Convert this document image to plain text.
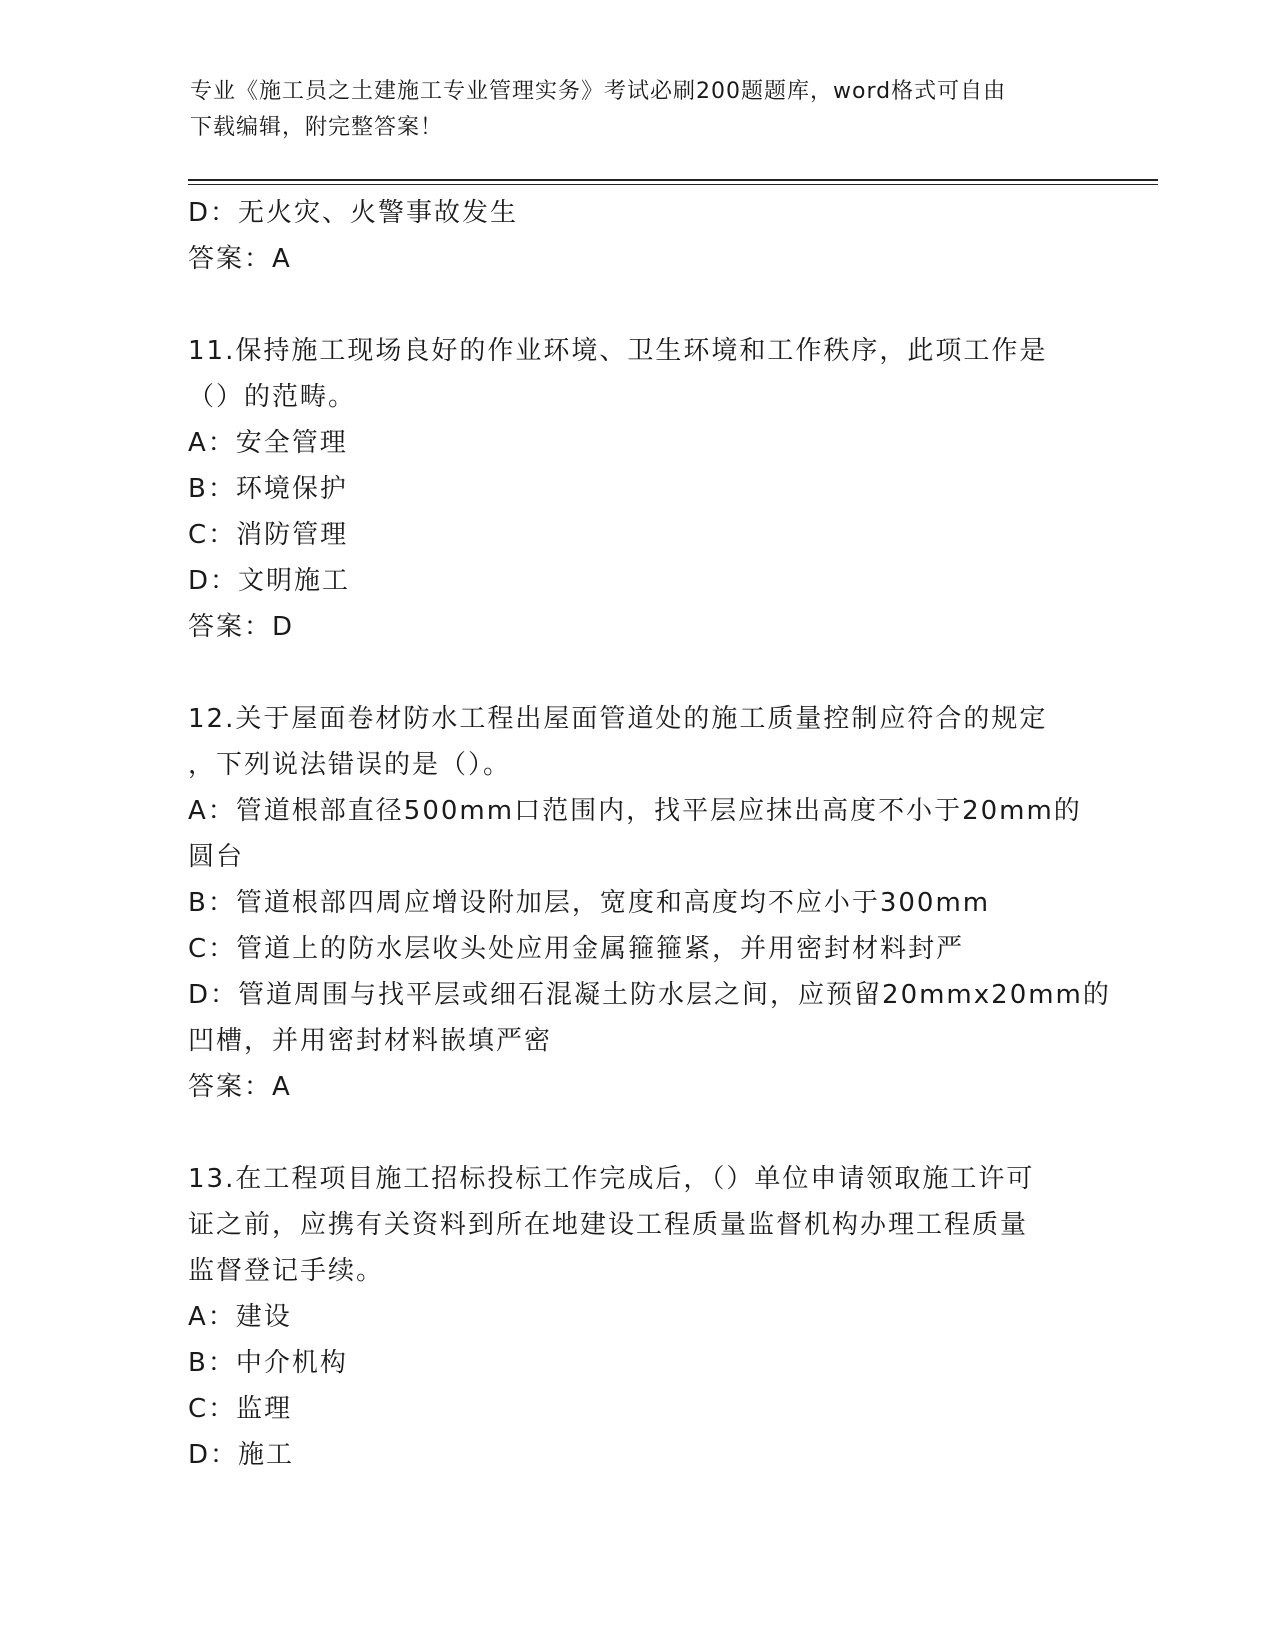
专业《施工员之土建施工专业管理实务》考试必刷200题题库，word格式可自由
下载编辑，附完整答案！
D：无火灾、火警事故发生
答案：A
11.保持施工现场良好的作业环境、卫生环境和工作秩序，此项工作是
（）的范畴。
A：安全管理
B：环境保护
C：消防管理
D：文明施工
答案：D
12.关于屋面卷材防水工程出屋面管道处的施工质量控制应符合的规定
，下列说法错误的是（）。
A：管道根部直径500mm口范围内，找平层应抹出高度不小于20mm的
圆台
B：管道根部四周应增设附加层，宽度和高度均不应小于300mm
C：管道上的防水层收头处应用金属箍箍紧，并用密封材料封严
D：管道周围与找平层或细石混凝土防水层之间，应预留20mmx20mm的
凹槽，并用密封材料嵌填严密
答案：A
13.在工程项目施工招标投标工作完成后，（）单位申请领取施工许可
证之前，应携有关资料到所在地建设工程质量监督机构办理工程质量
监督登记手续。
A：建设
B：中介机构
C：监理
D：施工
